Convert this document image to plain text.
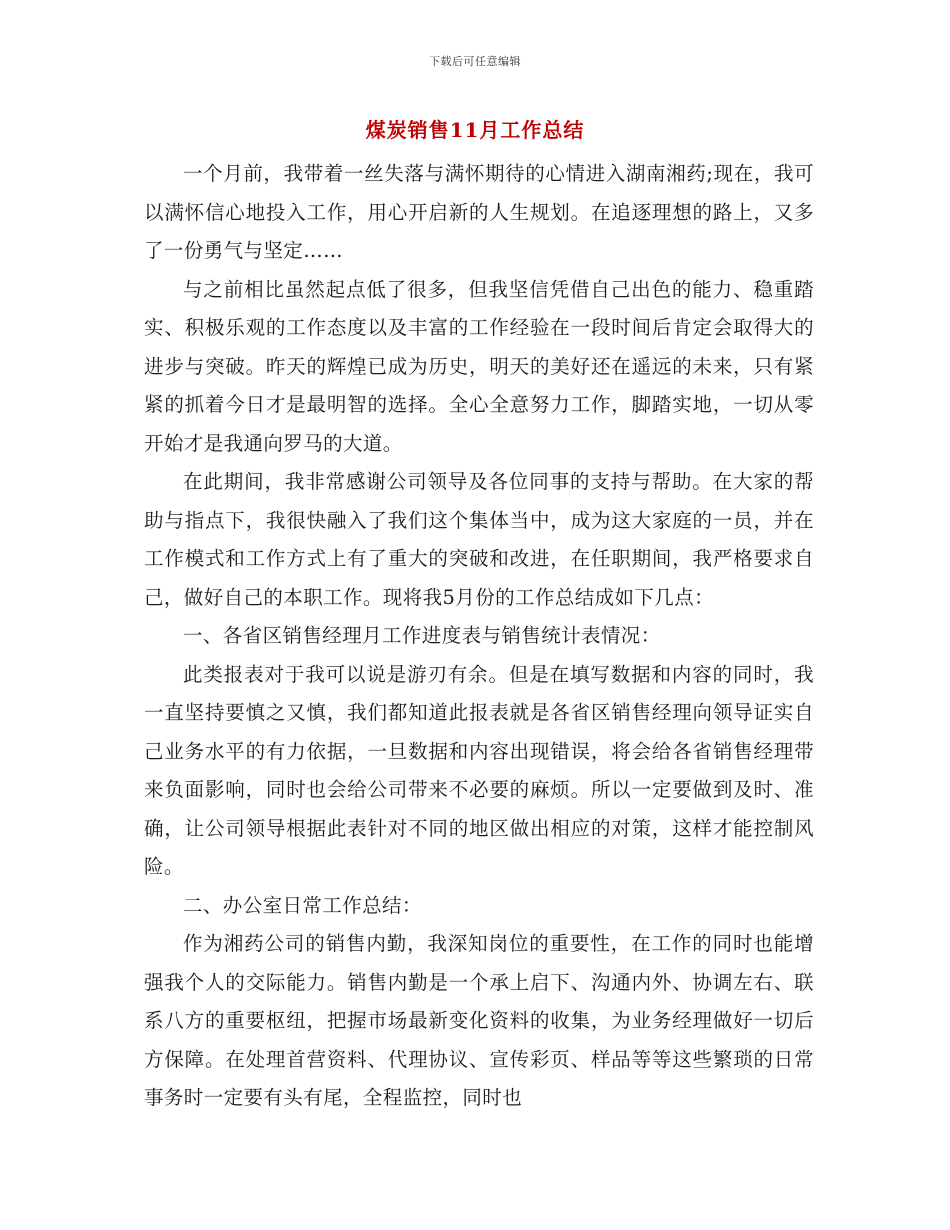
下载后可任意编辑
煤炭销售11月工作总结

一个月前，我带着一丝失落与满怀期待的心情进入湖南湘药;现在，我可以满怀信心地投入工作，用心开启新的人生规划。在追逐理想的路上，又多了一份勇气与坚定……

与之前相比虽然起点低了很多，但我坚信凭借自己出色的能力、稳重踏实、积极乐观的工作态度以及丰富的工作经验在一段时间后肯定会取得大的进步与突破。昨天的辉煌已成为历史，明天的美好还在遥远的未来，只有紧紧的抓着今日才是最明智的选择。全心全意努力工作，脚踏实地，一切从零开始才是我通向罗马的大道。

在此期间，我非常感谢公司领导及各位同事的支持与帮助。在大家的帮助与指点下，我很快融入了我们这个集体当中，成为这大家庭的一员，并在工作模式和工作方式上有了重大的突破和改进，在任职期间，我严格要求自己，做好自己的本职工作。现将我5月份的工作总结成如下几点：

一、各省区销售经理月工作进度表与销售统计表情况：

此类报表对于我可以说是游刃有余。但是在填写数据和内容的同时，我一直坚持要慎之又慎，我们都知道此报表就是各省区销售经理向领导证实自己业务水平的有力依据，一旦数据和内容出现错误，将会给各省销售经理带来负面影响，同时也会给公司带来不必要的麻烦。所以一定要做到及时、准确，让公司领导根据此表针对不同的地区做出相应的对策，这样才能控制风险。

二、办公室日常工作总结：

作为湘药公司的销售内勤，我深知岗位的重要性，在工作的同时也能增强我个人的交际能力。销售内勤是一个承上启下、沟通内外、协调左右、联系八方的重要枢纽，把握市场最新变化资料的收集，为业务经理做好一切后方保障。在处理首营资料、代理协议、宣传彩页、样品等等这些繁琐的日常事务时一定要有头有尾，全程监控，同时也
